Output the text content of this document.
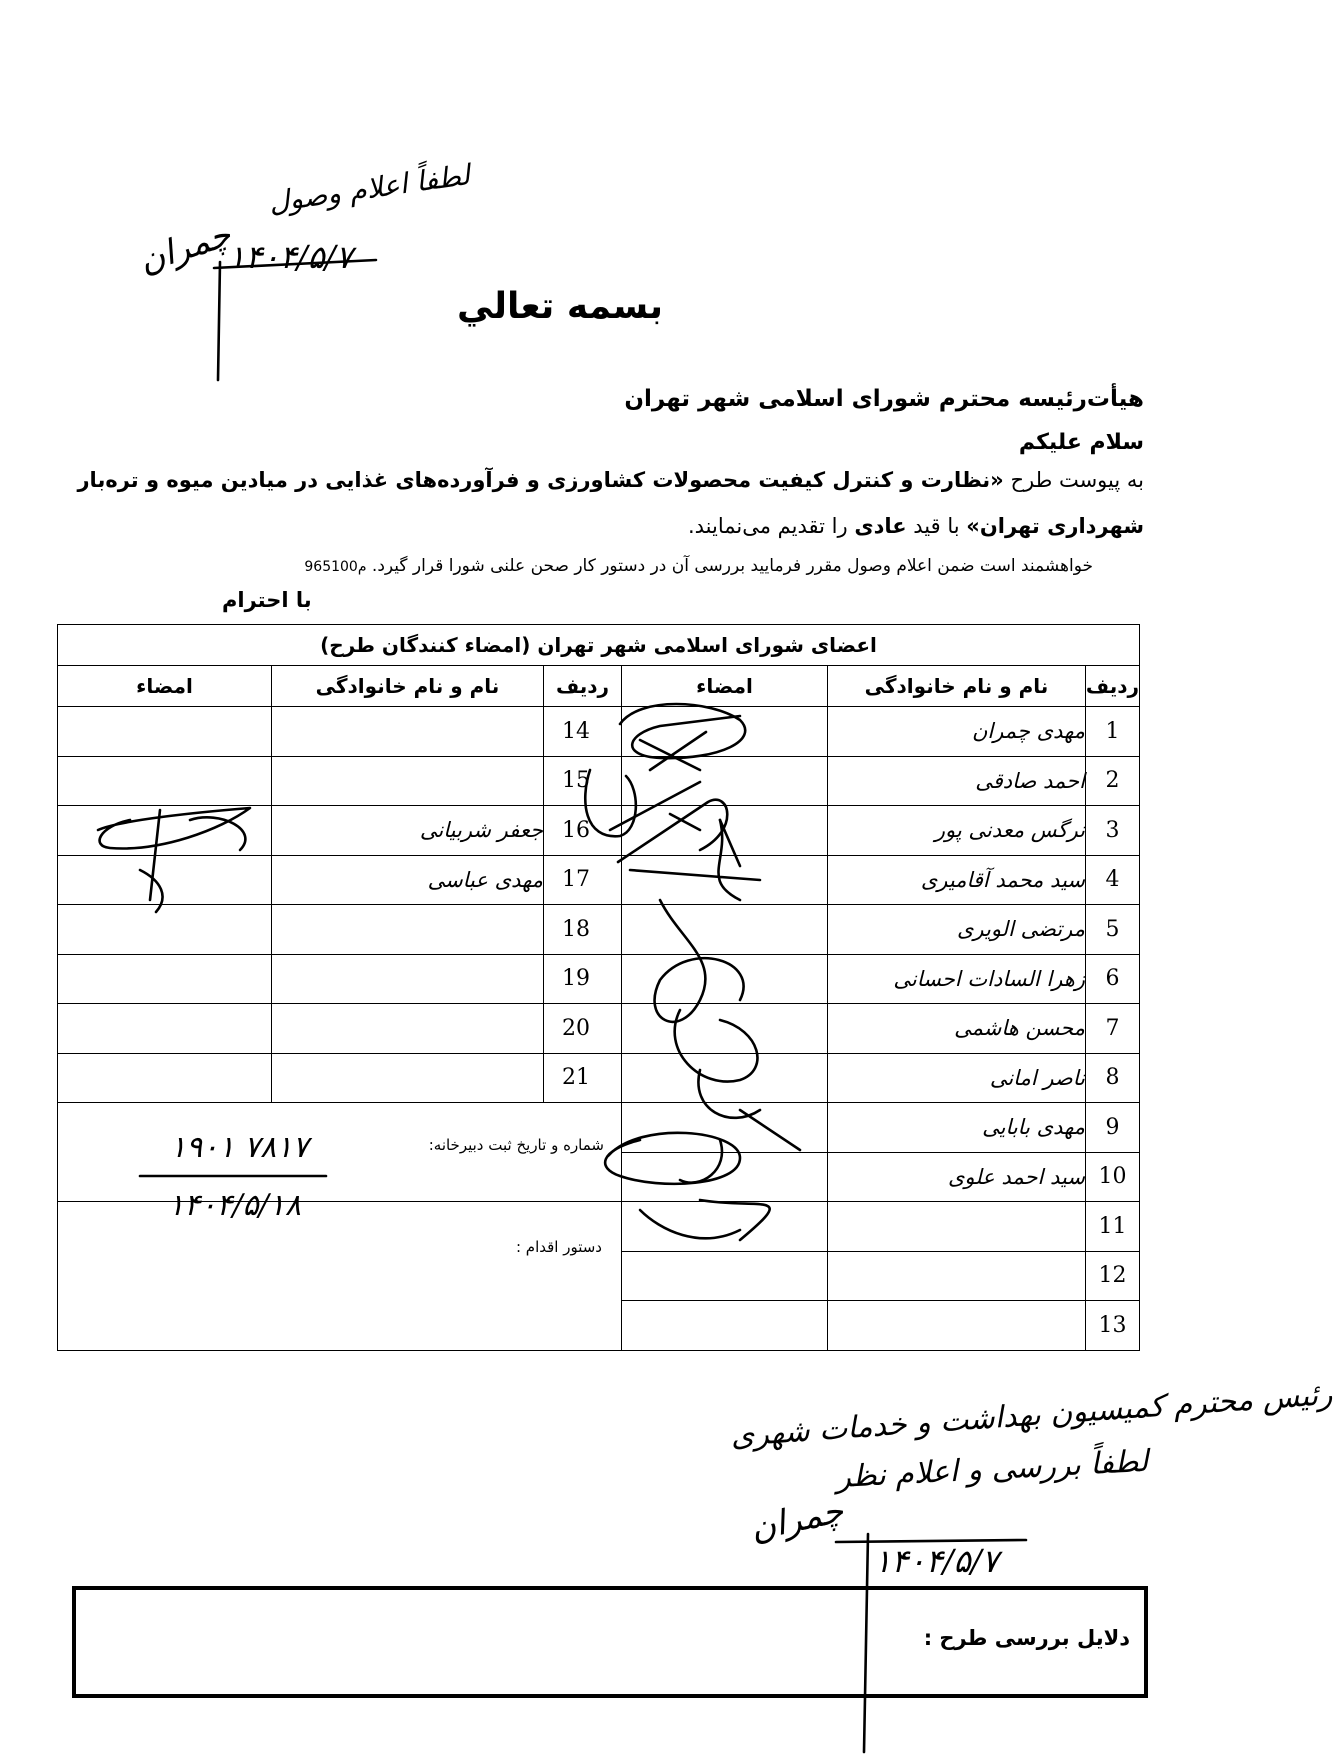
لطفاً اعلام وصول
چمران
۱۴۰۴/۵/۷
بسمه تعالي
هیأت‌رئیسه محترم شورای اسلامی شهر تهران
سلام علیکم
به پیوست طرح «نظارت و کنترل کیفیت محصولات کشاورزی و فرآورده‌های غذایی در میادین میوه و تره‌بار
شهرداری تهران» با قید عادی را تقدیم می‌نمایند.
خواهشمند است ضمن اعلام وصول مقرر فرمایید بررسی آن در دستور کار صحن علنی شورا قرار گیرد. م965100
با احترام
اعضای شورای اسلامی شهر تهران (امضاء کنندگان طرح)					
ردیف	نام و نام خانوادگی	امضاء	ردیف	نام و نام خانوادگی	امضاء
1	مهدی چمران		14		
2	احمد صادقی		15		
3	نرگس معدنی پور		16	جعفر شربیانی	
4	سید محمد آقامیری		17	مهدی عباسی	
5	مرتضی الویری		18		
6	زهرا السادات احسانی		19		
7	محسن هاشمی		20		
8	ناصر امانی		21		
9	مهدی بابایی				
10	سید احمد علوی				
11					
12					
13					
شماره و تاریخ ثبت دبیرخانه:
۱۹۰۱ ۷۸۱۷
۱۴۰۴/۵/۱۸
دستور اقدام :
رئیس محترم کمیسیون بهداشت و خدمات شهری
لطفاً بررسی و اعلام نظر
چمران
۱۴۰۴/۵/۷
دلایل بررسی طرح :
